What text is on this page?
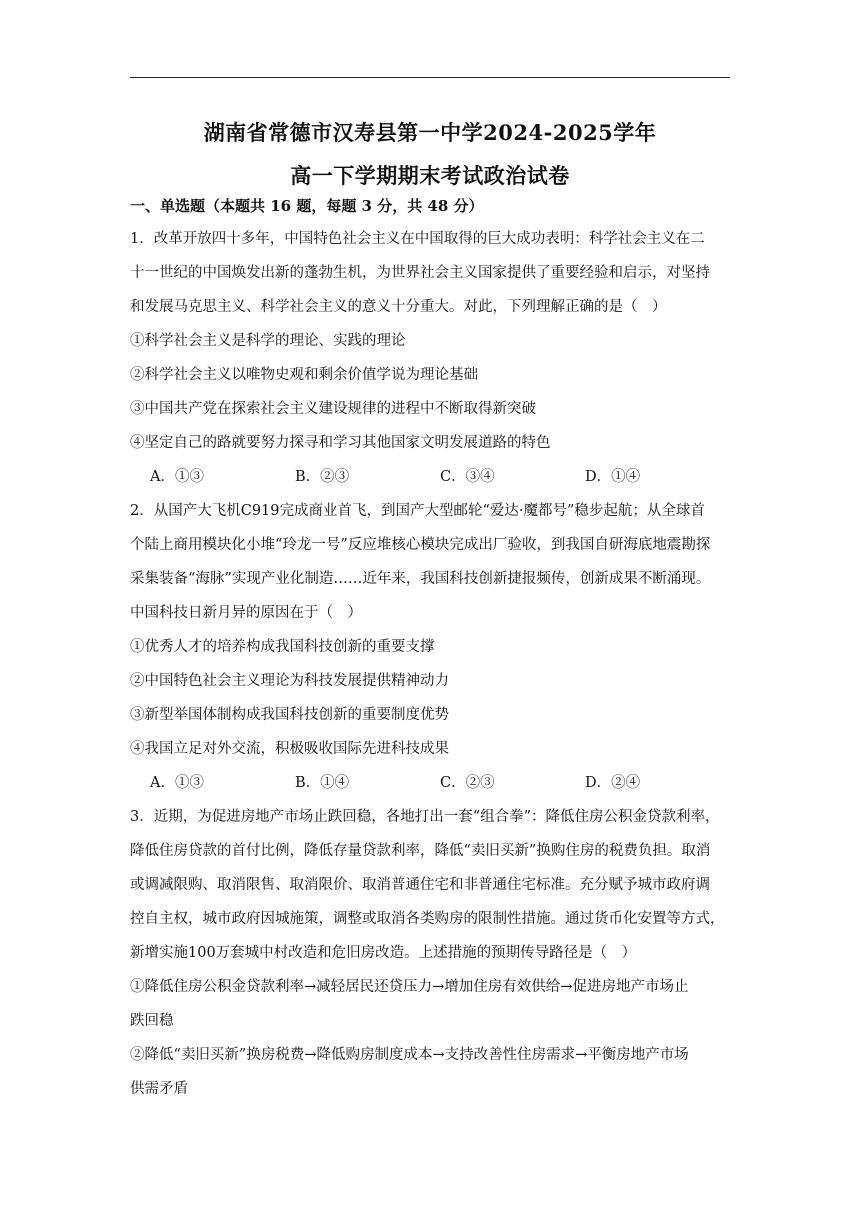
湖南省常德市汉寿县第一中学2024-2025学年
高一下学期期末考试政治试卷
一、单选题（本题共 16 题，每题 3 分，共 48 分）

1．改革开放四十多年，中国特色社会主义在中国取得的巨大成功表明：科学社会主义在二

十一世纪的中国焕发出新的蓬勃生机，为世界社会主义国家提供了重要经验和启示，对坚持

和发展马克思主义、科学社会主义的意义十分重大。对此，下列理解正确的是（　）

①科学社会主义是科学的理论、实践的理论

②科学社会主义以唯物史观和剩余价值学说为理论基础

③中国共产党在探索社会主义建设规律的进程中不断取得新突破

④坚定自己的路就要努力探寻和学习其他国家文明发展道路的特色

A．①③	B．②③	C．③④	D．①④

2．从国产大飞机C919完成商业首飞，到国产大型邮轮“爱达·魔都号”稳步起航；从全球首

个陆上商用模块化小堆“玲龙一号”反应堆核心模块完成出厂验收，到我国自研海底地震勘探

采集装备“海脉”实现产业化制造……近年来，我国科技创新捷报频传，创新成果不断涌现。

中国科技日新月异的原因在于（　）

①优秀人才的培养构成我国科技创新的重要支撑

②中国特色社会主义理论为科技发展提供精神动力

③新型举国体制构成我国科技创新的重要制度优势

④我国立足对外交流，积极吸收国际先进科技成果

A．①③	B．①④	C．②③	D．②④

3．近期，为促进房地产市场止跌回稳，各地打出一套“组合拳”：降低住房公积金贷款利率，

降低住房贷款的首付比例，降低存量贷款利率，降低“卖旧买新”换购住房的税费负担。取消

或调减限购、取消限售、取消限价、取消普通住宅和非普通住宅标准。充分赋予城市政府调

控自主权，城市政府因城施策，调整或取消各类购房的限制性措施。通过货币化安置等方式，

新增实施100万套城中村改造和危旧房改造。上述措施的预期传导路径是（　）

①降低住房公积金贷款利率→减轻居民还贷压力→增加住房有效供给→促进房地产市场止

跌回稳

②降低“卖旧买新”换房税费→降低购房制度成本→支持改善性住房需求→平衡房地产市场

供需矛盾
